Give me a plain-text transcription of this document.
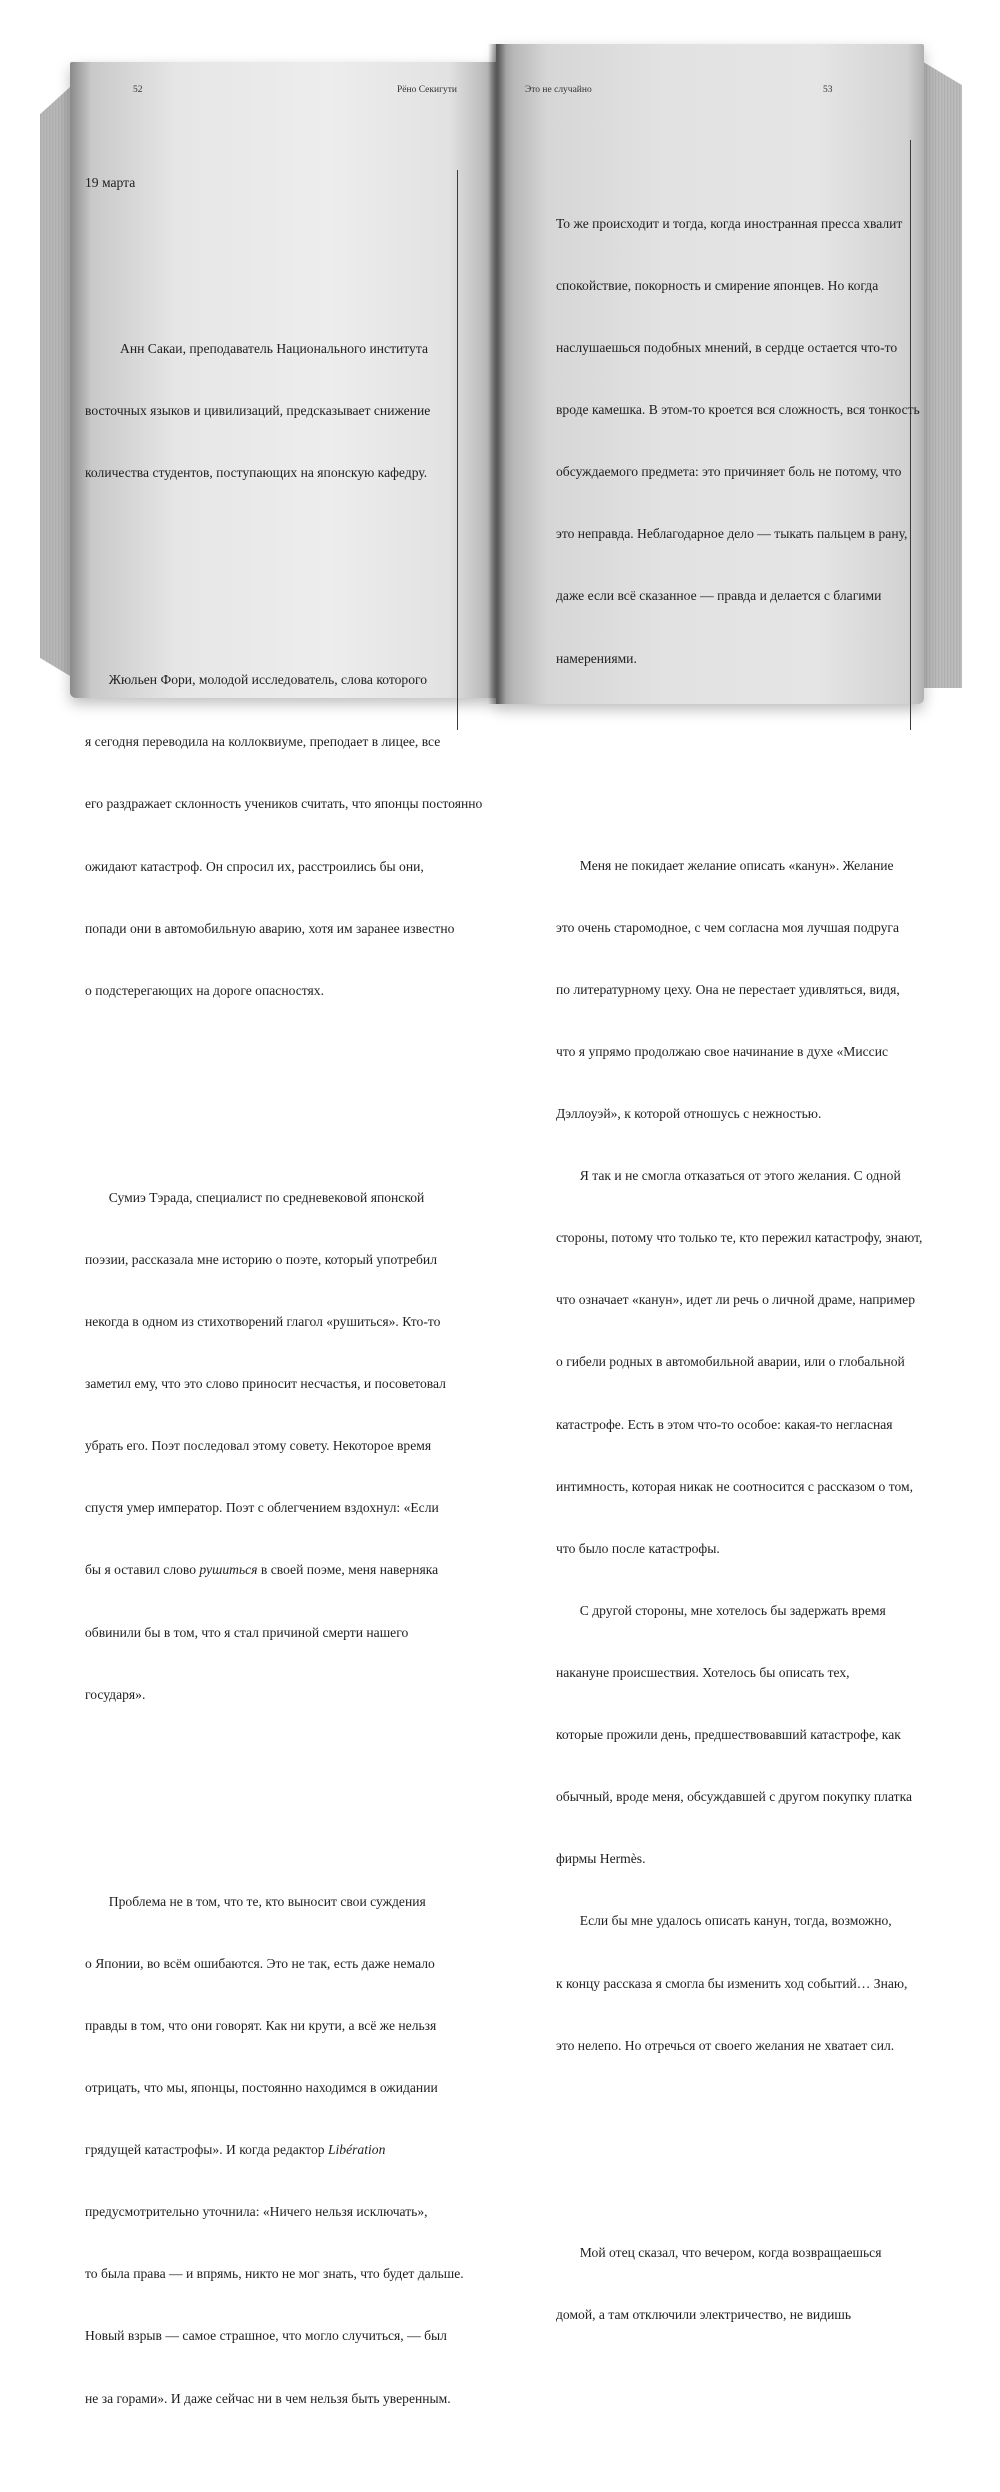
52	Рёно Секигути

19 марта

Анн Сакаи, преподаватель Национального института

восточных языков и цивилизаций, предсказывает снижение

количества студентов, поступающих на японскую кафедру.

Жюльен Фори, молодой исследователь, слова которого

я сегодня переводила на коллоквиуме, преподает в лицее, все

его раздражает склонность учеников считать, что японцы постоянно

ожидают катастроф. Он спросил их, расстроились бы они,

попади они в автомобильную аварию, хотя им заранее известно

о подстерегающих на дороге опасностях.

Сумиэ Тэрада, специалист по средневековой японской

поэзии, рассказала мне историю о поэте, который употребил

некогда в одном из стихотворений глагол «рушиться». Кто-то

заметил ему, что это слово приносит несчастья, и посоветовал

убрать его. Поэт последовал этому совету. Некоторое время

спустя умер император. Поэт с облегчением вздохнул: «Если

бы я оставил слово рушиться в своей поэме, меня наверняка

обвинили бы в том, что я стал причиной смерти нашего

государя».

Проблема не в том, что те, кто выносит свои суждения

о Японии, во всём ошибаются. Это не так, есть даже немало

правды в том, что они говорят. Как ни крути, а всё же нельзя

отрицать, что мы, японцы, постоянно находимся в ожидании

грядущей катастрофы». И когда редактор Libération

предусмотрительно уточнила: «Ничего нельзя исключать»,

то была права — и впрямь, никто не мог знать, что будет дальше.

Новый взрыв — самое страшное, что могло случиться, — был

не за горами». И даже сейчас ни в чем нельзя быть уверенным.

Это не случайно	53

То же происходит и тогда, когда иностранная пресса хвалит

спокойствие, покорность и смирение японцев. Но когда

наслушаешься подобных мнений, в сердце остается что-то

вроде камешка. В этом-то кроется вся сложность, вся тонкость

обсуждаемого предмета: это причиняет боль не потому, что

это неправда. Неблагодарное дело — тыкать пальцем в рану,

даже если всё сказанное — правда и делается с благими

намерениями.

Меня не покидает желание описать «канун». Желание

это очень старомодное, с чем согласна моя лучшая подруга

по литературному цеху. Она не перестает удивляться, видя,

что я упрямо продолжаю свое начинание в духе «Миссис

Дэллоуэй», к которой отношусь с нежностью.

Я так и не смогла отказаться от этого желания. С одной

стороны, потому что только те, кто пережил катастрофу, знают,

что означает «канун», идет ли речь о личной драме, например

о гибели родных в автомобильной аварии, или о глобальной

катастрофе. Есть в этом что-то особое: какая-то негласная

интимность, которая никак не соотносится с рассказом о том,

что было после катастрофы.

С другой стороны, мне хотелось бы задержать время

накануне происшествия. Хотелось бы описать тех,

которые прожили день, предшествовавший катастрофе, как

обычный, вроде меня, обсуждавшей с другом покупку платка

фирмы Hermès.

Если бы мне удалось описать канун, тогда, возможно,

к концу рассказа я смогла бы изменить ход событий… Знаю,

это нелепо. Но отречься от своего желания не хватает сил.

Мой отец сказал, что вечером, когда возвращаешься

домой, а там отключили электричество, не видишь
